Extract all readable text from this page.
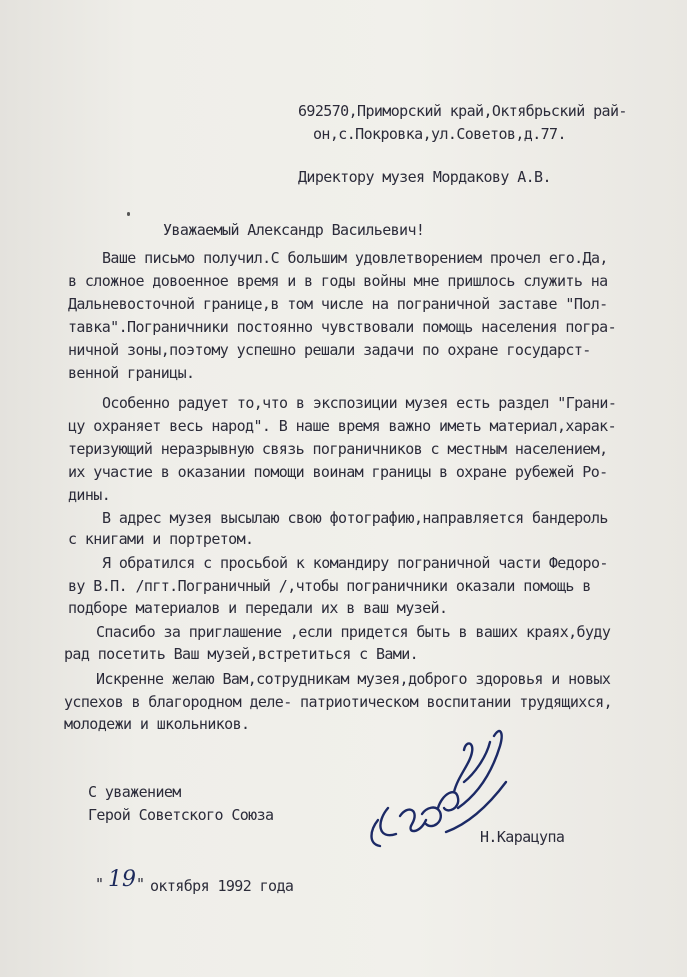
692570,Приморский край,Октябрьский рай-
он,с.Покровка,ул.Советов,д.77.
Директору музея Мордакову А.В.
Уважаемый Александр Васильевич!
Ваше письмо получил.С большим удовлетворением прочел его.Да,
в сложное довоенное время и в годы войны мне пришлось служить на
Дальневосточной границе,в том числе на пограничной заставе "Пол-
тавка".Пограничники постоянно чувствовали помощь населения погра-
ничной зоны,поэтому успешно решали задачи по охране государст-
венной границы.
Особенно радует то,что в экспозиции музея есть раздел "Грани-
цу охраняет весь народ". В наше время важно иметь материал,харак-
теризующий неразрывную связь пограничников с местным населением,
их участие в оказании помощи воинам границы в охране рубежей Ро-
дины.
В адрес музея высылаю свою фотографию,направляется бандероль
с книгами и портретом.
Я обратился с просьбой к командиру пограничной части Федоро-
ву В.П. /пгт.Пограничный /,чтобы пограничники оказали помощь в
подборе материалов и передали их в ваш музей.
Спасибо за приглашение ,если придется быть в ваших краях,буду
рад посетить Ваш музей,встретиться с Вами.
Искренне желаю Вам,сотрудникам музея,доброго здоровья и новых
успехов в благородном деле- патриотическом воспитании трудящихся,
молодежи и школьников.
С уважением
Герой Советского Союза
Н.Карацупа
" 19 " октября 1992 года
